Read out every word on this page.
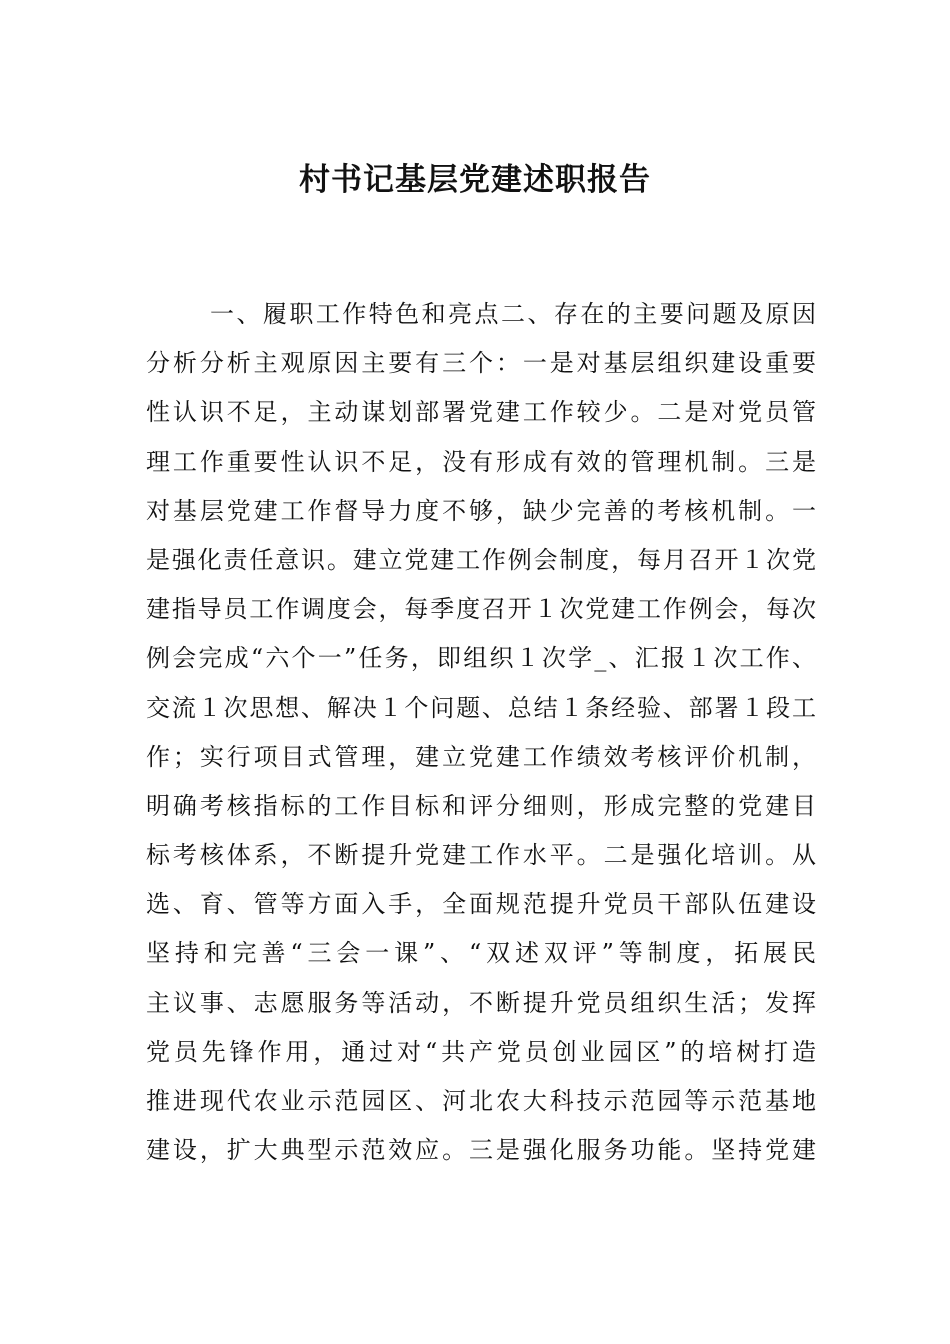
村书记基层党建述职报告
一、履职工作特色和亮点二、存在的主要问题及原因
分析分析主观原因主要有三个：一是对基层组织建设重要
性认识不足，主动谋划部署党建工作较少。二是对党员管
理工作重要性认识不足，没有形成有效的管理机制。三是
对基层党建工作督导力度不够，缺少完善的考核机制。一
是强化责任意识。建立党建工作例会制度，每月召开１次党
建指导员工作调度会，每季度召开１次党建工作例会，每次
例会完成“六个一”任务，即组织１次学_、汇报１次工作、
交流１次思想、解决１个问题、总结１条经验、部署１段工
作；实行项目式管理，建立党建工作绩效考核评价机制，
明确考核指标的工作目标和评分细则，形成完整的党建目
标考核体系，不断提升党建工作水平。二是强化培训。从
选、育、管等方面入手，全面规范提升党员干部队伍建设
坚持和完善“三会一课”、“双述双评”等制度，拓展民
主议事、志愿服务等活动，不断提升党员组织生活；发挥
党员先锋作用，通过对“共产党员创业园区”的培树打造
推进现代农业示范园区、河北农大科技示范园等示范基地
建设，扩大典型示范效应。三是强化服务功能。坚持党建
